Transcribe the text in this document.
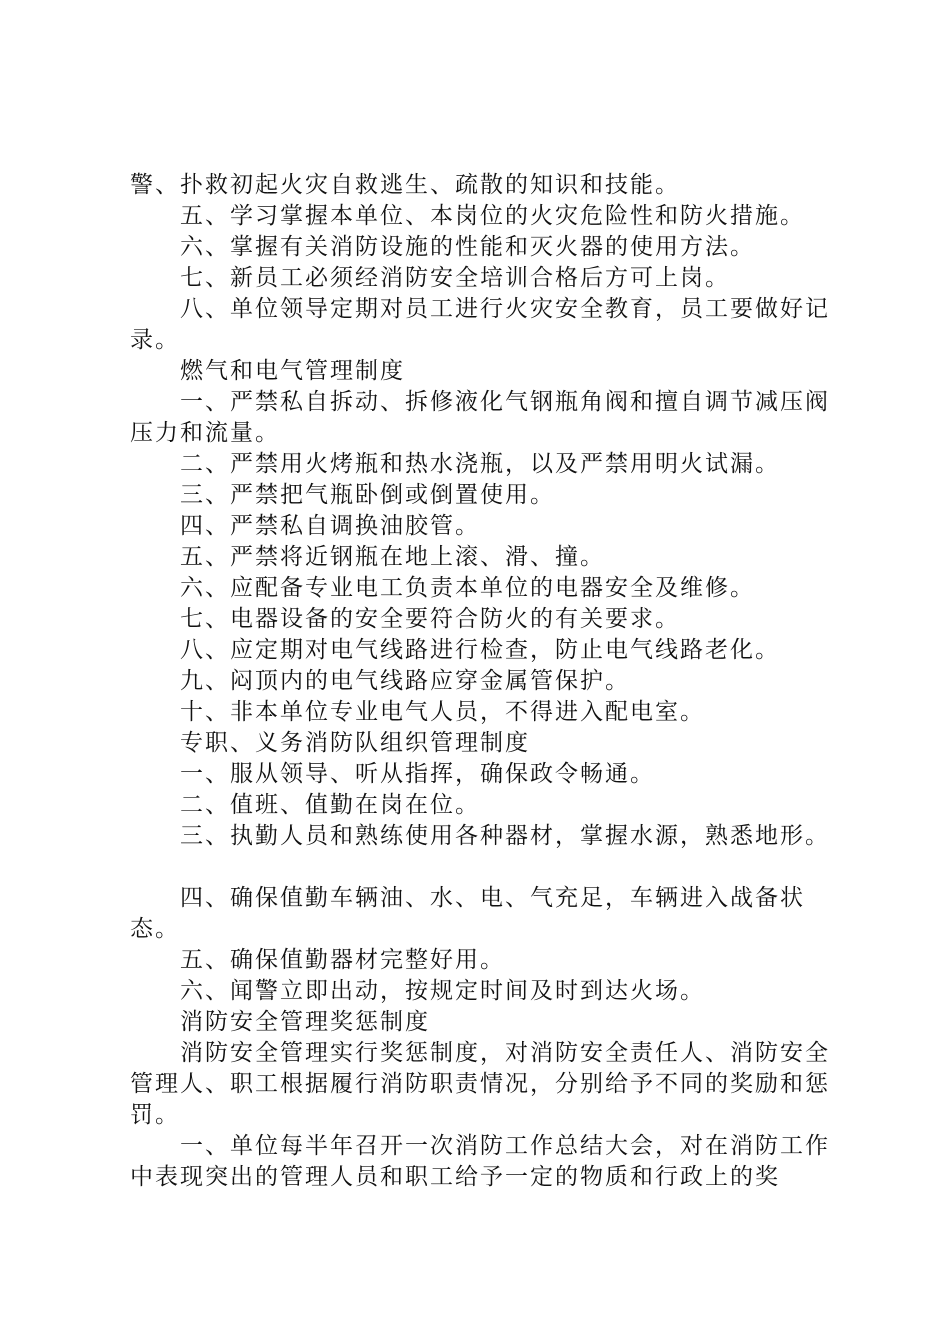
警、扑救初起火灾自救逃生、疏散的知识和技能。

五、学习掌握本单位、本岗位的火灾危险性和防火措施。

六、掌握有关消防设施的性能和灭火器的使用方法。

七、新员工必须经消防安全培训合格后方可上岗。

八、单位领导定期对员工进行火灾安全教育，员工要做好记录。

燃气和电气管理制度

一、严禁私自拆动、拆修液化气钢瓶角阀和擅自调节减压阀压力和流量。

二、严禁用火烤瓶和热水浇瓶，以及严禁用明火试漏。

三、严禁把气瓶卧倒或倒置使用。

四、严禁私自调换油胶管。

五、严禁将近钢瓶在地上滚、滑、撞。

六、应配备专业电工负责本单位的电器安全及维修。

七、电器设备的安全要符合防火的有关要求。

八、应定期对电气线路进行检查，防止电气线路老化。

九、闷顶内的电气线路应穿金属管保护。

十、非本单位专业电气人员，不得进入配电室。

专职、义务消防队组织管理制度

一、服从领导、听从指挥，确保政令畅通。

二、值班、值勤在岗在位。

三、执勤人员和熟练使用各种器材，掌握水源，熟悉地形。

四、确保值勤车辆油、水、电、气充足，车辆进入战备状态。

五、确保值勤器材完整好用。

六、闻警立即出动，按规定时间及时到达火场。

消防安全管理奖惩制度

消防安全管理实行奖惩制度，对消防安全责任人、消防安全管理人、职工根据履行消防职责情况，分别给予不同的奖励和惩罚。

一、单位每半年召开一次消防工作总结大会，对在消防工作中表现突出的管理人员和职工给予一定的物质和行政上的奖
